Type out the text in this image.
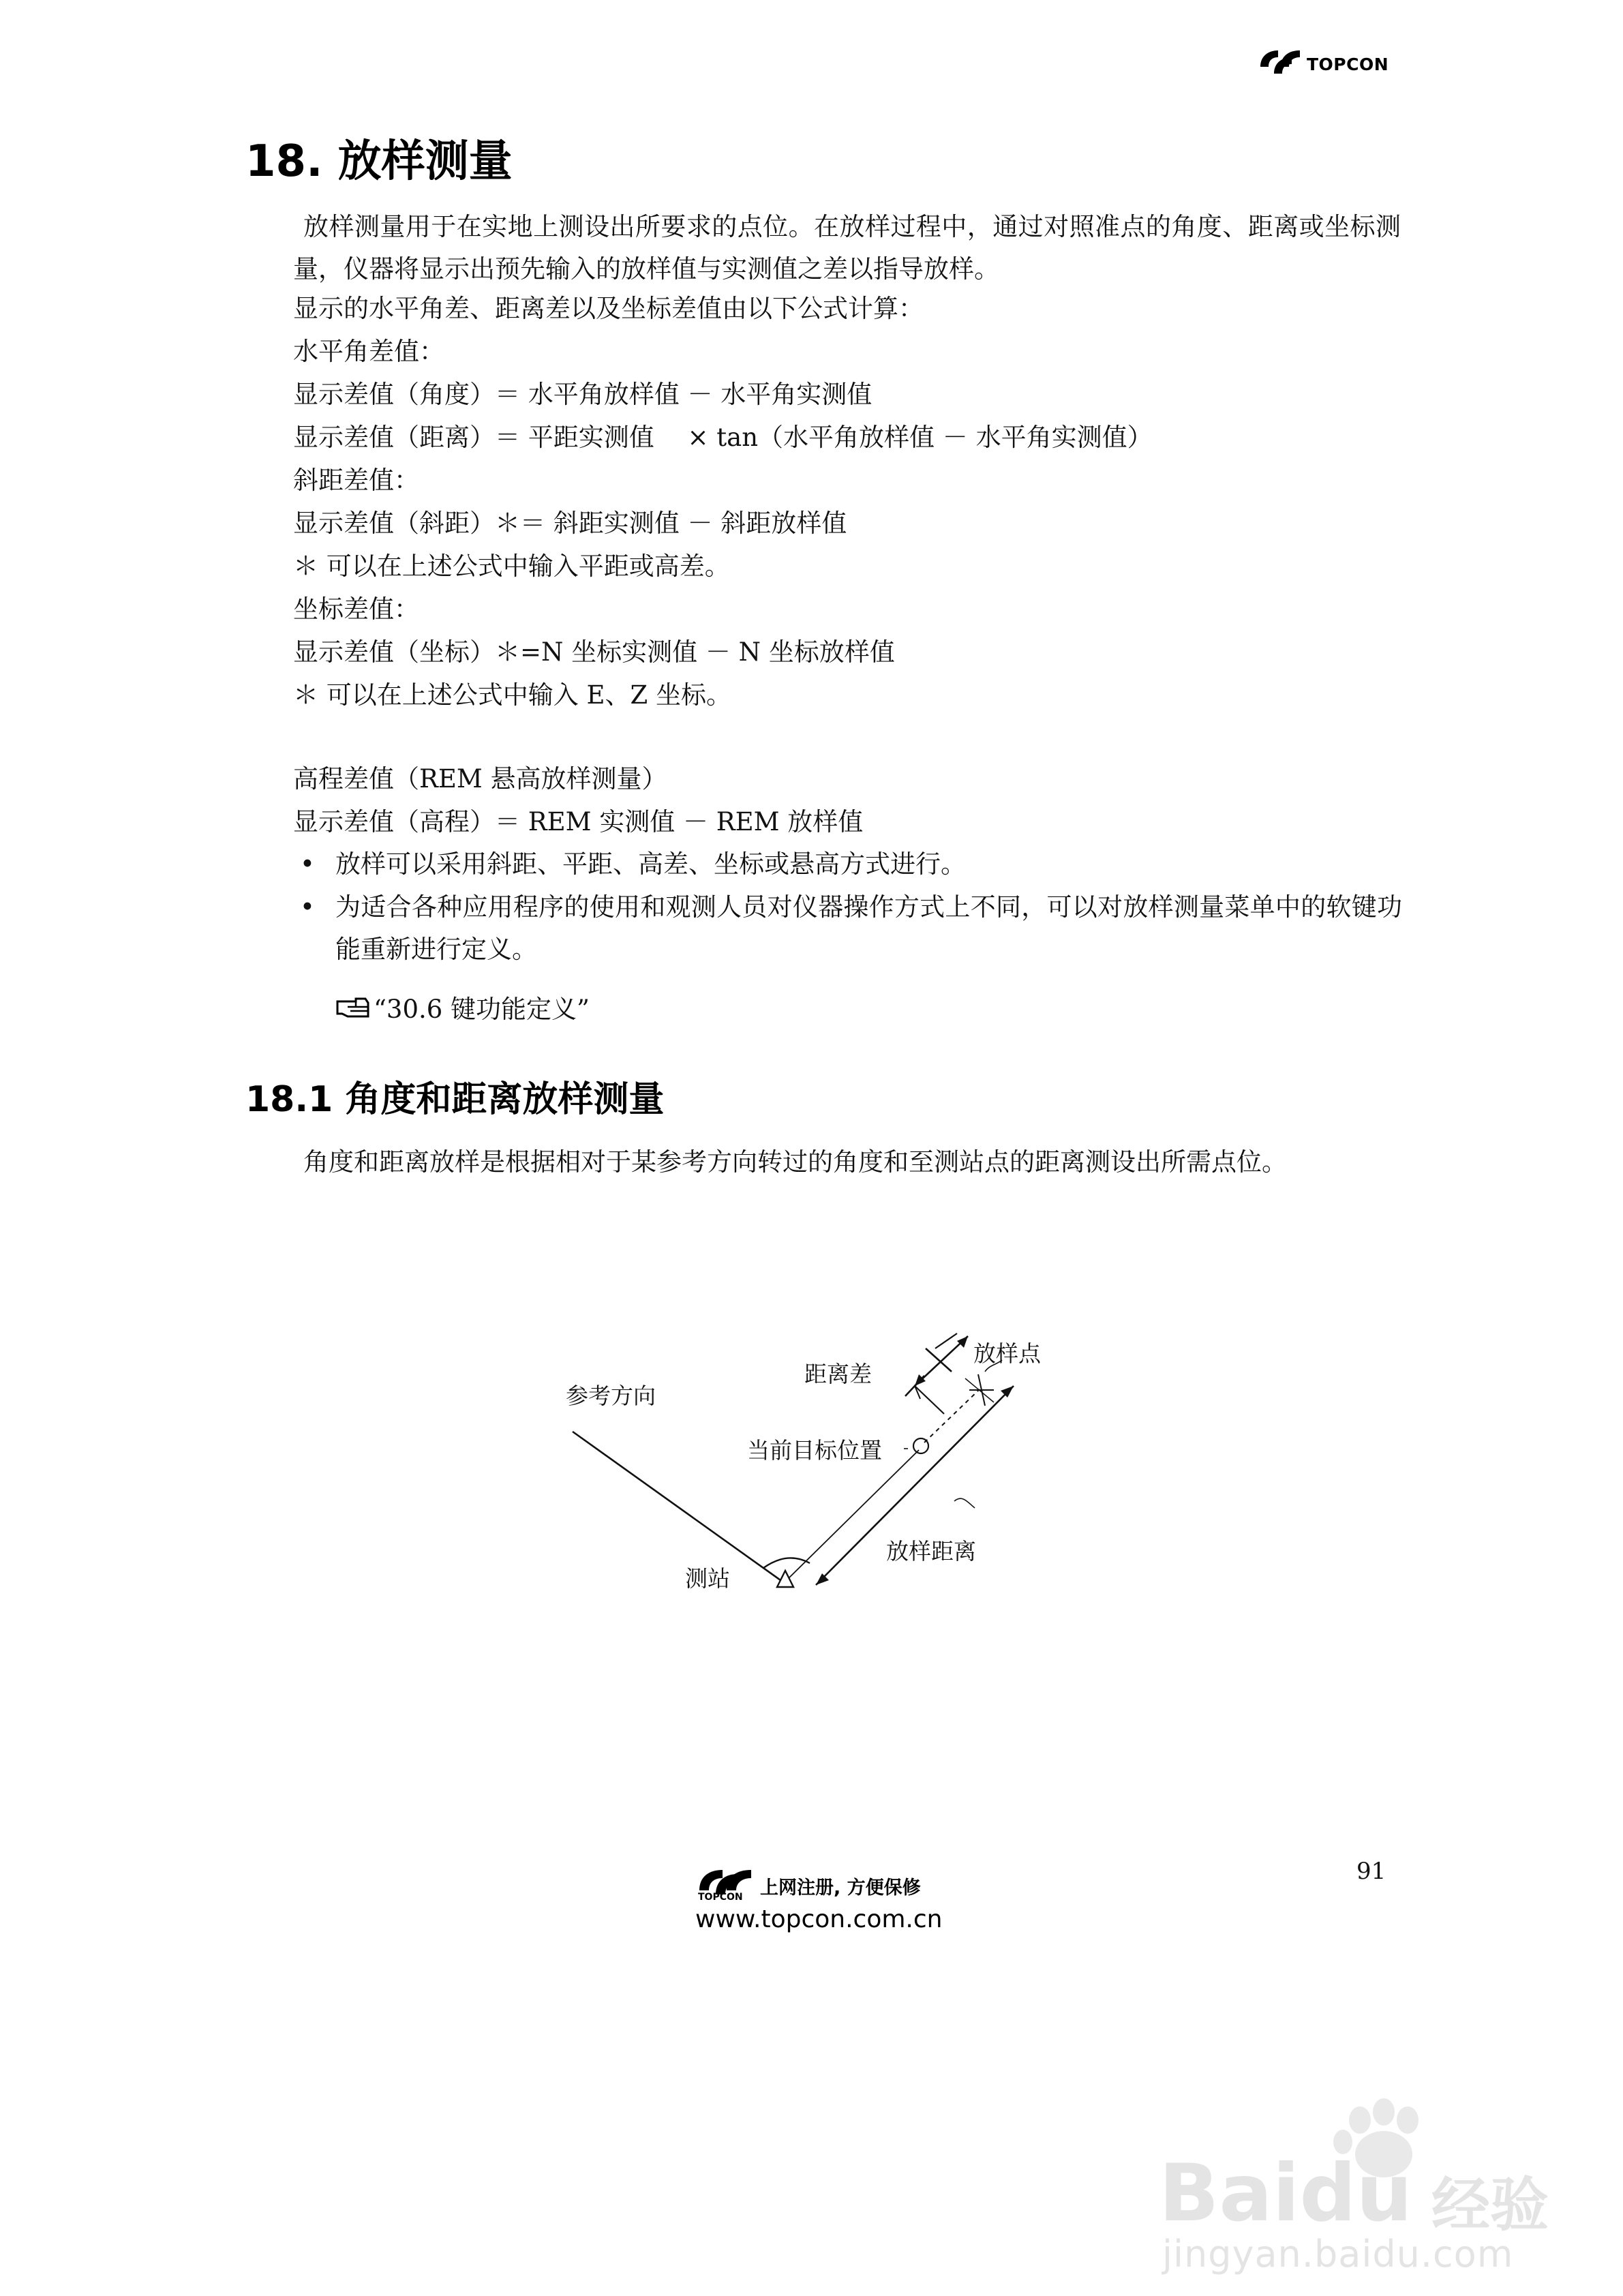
TOPCON
18. 放样测量
放样测量用于在实地上测设出所要求的点位。在放样过程中，通过对照准点的角度、距离或坐标测量，仪器将显示出预先输入的放样值与实测值之差以指导放样。
显示的水平角差、距离差以及坐标差值由以下公式计算：
水平角差值：
显示差值（角度）＝ 水平角放样值 － 水平角实测值
显示差值（距离）＝ 平距实测值　 × tan（水平角放样值 － 水平角实测值）
斜距差值：
显示差值（斜距）＊＝ 斜距实测值 － 斜距放样值
＊ 可以在上述公式中输入平距或高差。
坐标差值：
显示差值（坐标）＊=N 坐标实测值 － N 坐标放样值
＊ 可以在上述公式中输入 E、Z 坐标。
高程差值（REM 悬高放样测量）
显示差值（高程）＝ REM 实测值 － REM 放样值
• 放样可以采用斜距、平距、高差、坐标或悬高方式进行。
• 为适合各种应用程序的使用和观测人员对仪器操作方式上不同，可以对放样测量菜单中的软键功能重新进行定义。
“30.6 键功能定义”
18.1 角度和距离放样测量
角度和距离放样是根据相对于某参考方向转过的角度和至测站点的距离测设出所需点位。
参考方向
距离差
放样点
当前目标位置
测站
放样距离
91
TOPCON 上网注册, 方便保修
www.topcon.com.cn
Baidu 经验
jingyan.baidu.com
